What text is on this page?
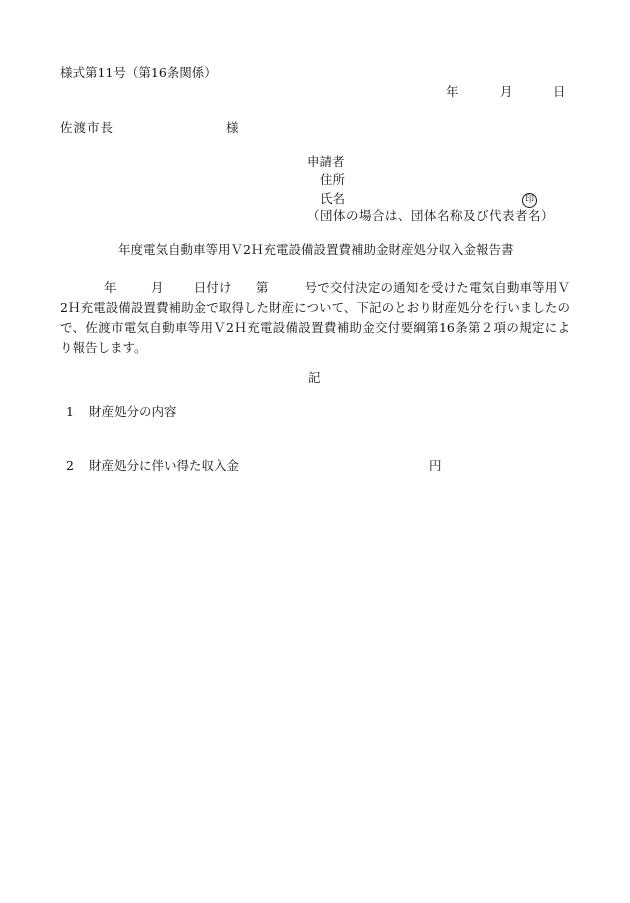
様式第11号（第16条関係）
年	月	日
佐渡市長	様
申請者
住所
氏名	印
（団体の場合は、団体名称及び代表者名）
年度電気自動車等用Ｖ2Ｈ充電設備設置費補助金財産処分収入金報告書
年	月 日付け 第	号で交付決定の通知を受けた電気自動車等用Ｖ2Ｈ充電設備設置費補助金で取得した財産について、下記のとおり財産処分を行いましたので、佐渡市電気自動車等用Ｖ2Ｈ充電設備設置費補助金交付要綱第16条第２項の規定により報告します。
記
1 財産処分の内容
2 財産処分に伴い得た収入金	円
